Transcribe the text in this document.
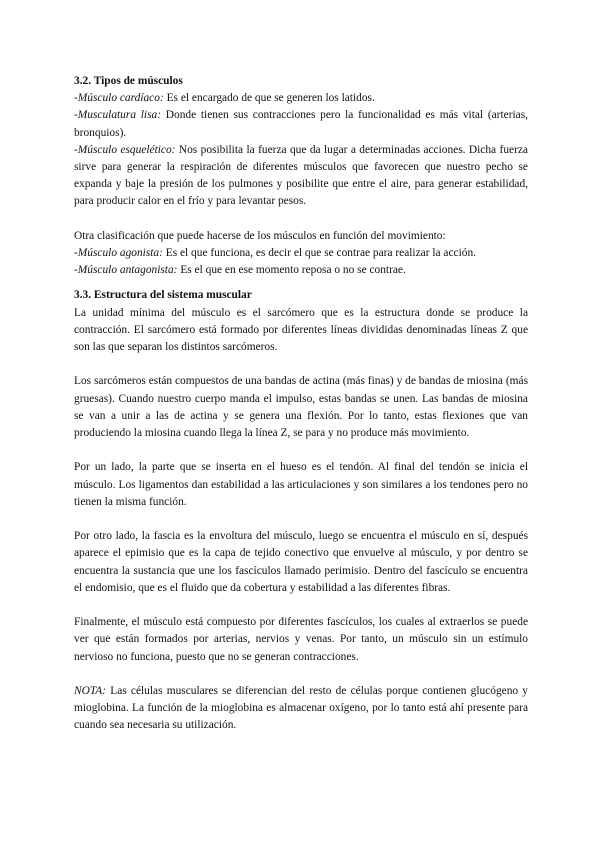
3.2. Tipos de músculos

-Músculo cardíaco: Es el encargado de que se generen los latidos.

-Musculatura lisa: Donde tienen sus contracciones pero la funcionalidad es más vital (arterias, bronquios).

-Músculo esquelético: Nos posibilita la fuerza que da lugar a determinadas acciones. Dicha fuerza sirve para generar la respiración de diferentes músculos que favorecen que nuestro pecho se expanda y baje la presión de los pulmones y posibilite que entre el aire, para generar estabilidad, para producir calor en el frío y para levantar pesos.

Otra clasificación que puede hacerse de los músculos en función del movimiento:

-Músculo agonista: Es el que funciona, es decir el que se contrae para realizar la acción.

-Músculo antagonista: Es el que en ese momento reposa o no se contrae.

3.3. Estructura del sistema muscular

La unidad mínima del músculo es el sarcómero que es la estructura donde se produce la contracción. El sarcómero está formado por diferentes líneas divididas denominadas líneas Z que son las que separan los distintos sarcómeros.

Los sarcómeros están compuestos de una bandas de actina (más finas) y de bandas de miosina (más gruesas). Cuando nuestro cuerpo manda el impulso, estas bandas se unen. Las bandas de miosina se van a unir a las de actina y se genera una flexión. Por lo tanto, estas flexiones que van produciendo la miosina cuando llega la línea Z, se para y no produce más movimiento.

Por un lado, la parte que se inserta en el hueso es el tendón. Al final del tendón se inicia el músculo. Los ligamentos dan estabilidad a las articulaciones y son similares a los tendones pero no tienen la misma función.

Por otro lado, la fascia es la envoltura del músculo, luego se encuentra el músculo en sí, después aparece el epimisio que es la capa de tejido conectivo que envuelve al músculo, y por dentro se encuentra la sustancia que une los fascículos llamado perimisio. Dentro del fascículo se encuentra el endomisio, que es el fluido que da cobertura y estabilidad a las diferentes fibras.

Finalmente, el músculo está compuesto por diferentes fascículos, los cuales al extraerlos se puede ver que están formados por arterias, nervios y venas. Por tanto, un músculo sin un estímulo nervioso no funciona, puesto que no se generan contracciones.

NOTA: Las células musculares se diferencian del resto de células porque contienen glucógeno y mioglobina. La función de la mioglobina es almacenar oxígeno, por lo tanto está ahí presente para cuando sea necesaria su utilización.
